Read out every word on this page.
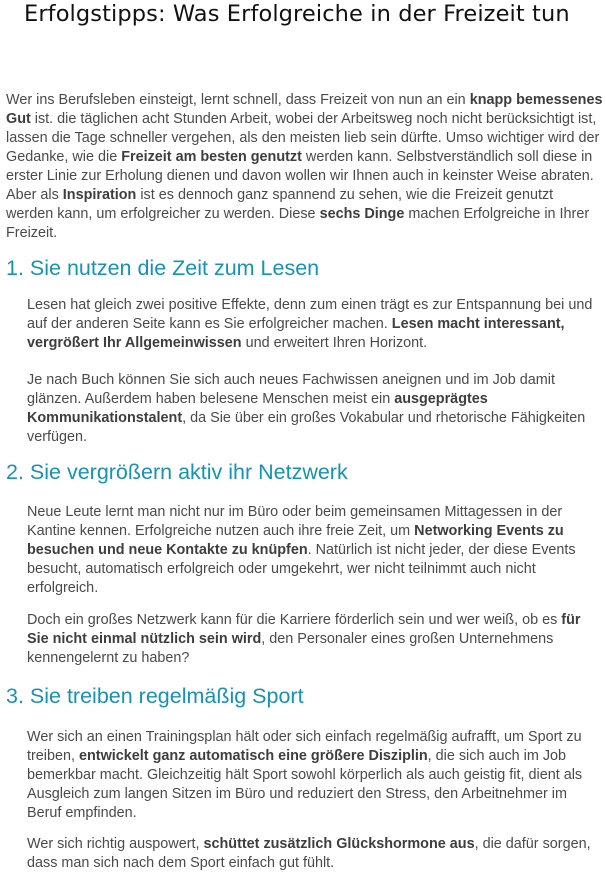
Erfolgstipps: Was Erfolgreiche in der Freizeit tun

Wer ins Berufsleben einsteigt, lernt schnell, dass Freizeit von nun an ein knapp bemessenes Gut ist. die täglichen acht Stunden Arbeit, wobei der Arbeitsweg noch nicht berücksichtigt ist, lassen die Tage schneller vergehen, als den meisten lieb sein dürfte. Umso wichtiger wird der Gedanke, wie die Freizeit am besten genutzt werden kann. Selbstverständlich soll diese in erster Linie zur Erholung dienen und davon wollen wir Ihnen auch in keinster Weise abraten. Aber als Inspiration ist es dennoch ganz spannend zu sehen, wie die Freizeit genutzt werden kann, um erfolgreicher zu werden. Diese sechs Dinge machen Erfolgreiche in Ihrer Freizeit.

1. Sie nutzen die Zeit zum Lesen

Lesen hat gleich zwei positive Effekte, denn zum einen trägt es zur Entspannung bei und auf der anderen Seite kann es Sie erfolgreicher machen. Lesen macht interessant, vergrößert Ihr Allgemeinwissen und erweitert Ihren Horizont.

Je nach Buch können Sie sich auch neues Fachwissen aneignen und im Job damit glänzen. Außerdem haben belesene Menschen meist ein ausgeprägtes Kommunikationstalent, da Sie über ein großes Vokabular und rhetorische Fähigkeiten verfügen.

2. Sie vergrößern aktiv ihr Netzwerk

Neue Leute lernt man nicht nur im Büro oder beim gemeinsamen Mittagessen in der Kantine kennen. Erfolgreiche nutzen auch ihre freie Zeit, um Networking Events zu besuchen und neue Kontakte zu knüpfen. Natürlich ist nicht jeder, der diese Events besucht, automatisch erfolgreich oder umgekehrt, wer nicht teilnimmt auch nicht erfolgreich.

Doch ein großes Netzwerk kann für die Karriere förderlich sein und wer weiß, ob es für Sie nicht einmal nützlich sein wird, den Personaler eines großen Unternehmens kennengelernt zu haben?

3. Sie treiben regelmäßig Sport

Wer sich an einen Trainingsplan hält oder sich einfach regelmäßig aufrafft, um Sport zu treiben, entwickelt ganz automatisch eine größere Disziplin, die sich auch im Job bemerkbar macht. Gleichzeitig hält Sport sowohl körperlich als auch geistig fit, dient als Ausgleich zum langen Sitzen im Büro und reduziert den Stress, den Arbeitnehmer im Beruf empfinden.

Wer sich richtig auspowert, schüttet zusätzlich Glückshormone aus, die dafür sorgen, dass man sich nach dem Sport einfach gut fühlt.
